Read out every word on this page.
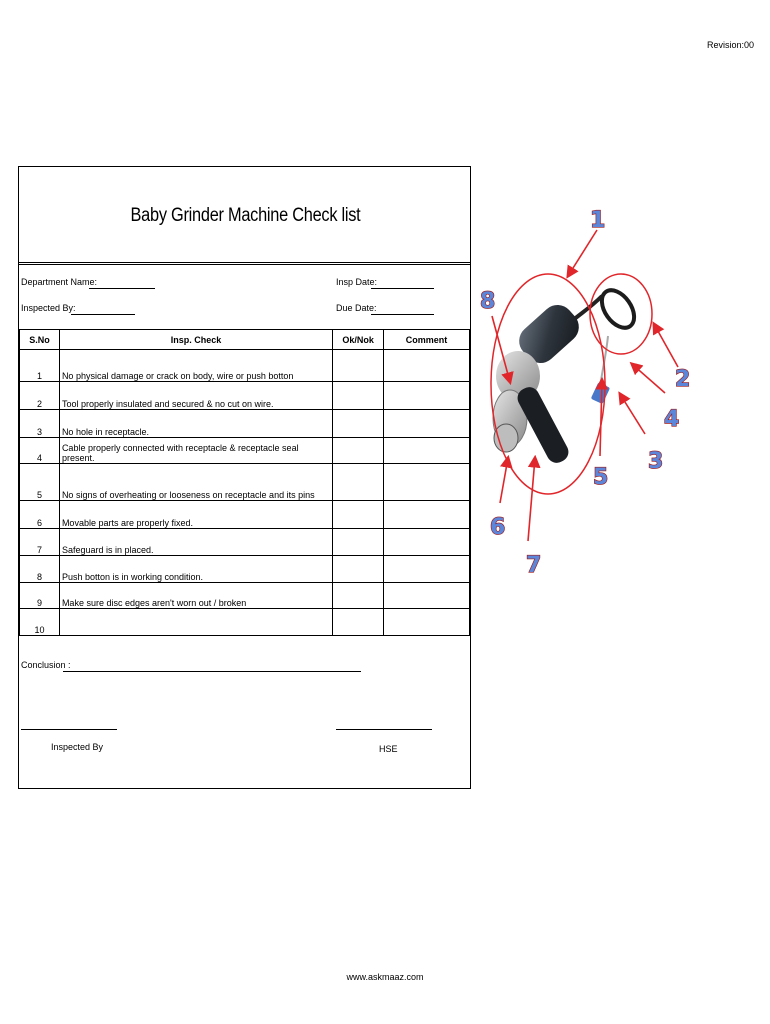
Revision:00
Baby Grinder Machine Check list
Department Name:	Insp Date:
Inspected By:	Due Date:
S.No	Insp. Check	Ok/Nok	Comment
1	No physical damage or crack on body, wire or push botton		
2	Tool properly insulated and secured & no cut on wire.		
3	No hole in receptacle.		
4	Cable properly connected with receptacle & receptacle seal present.		
5	No signs of overheating or looseness on receptacle and its pins		
6	Movable parts are properly fixed.		
7	Safeguard is in placed.		
8	Push botton is in working condition.		
9	Make sure disc edges aren't worn out / broken		
10			
Conclusion :
Inspected By	HSE
1
2
3
4
5
6
7
8
www.askmaaz.com
